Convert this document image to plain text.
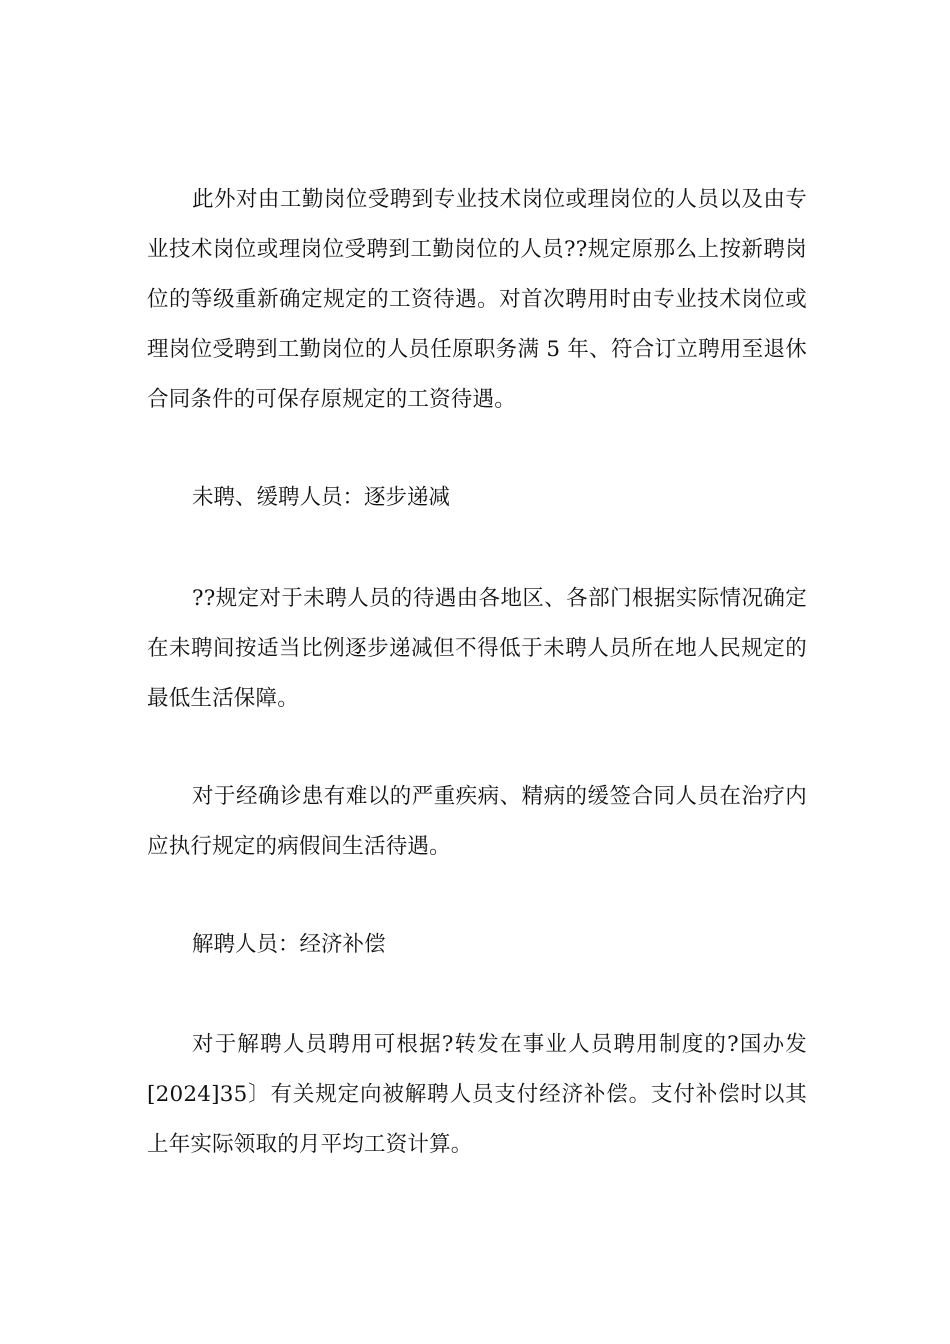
此外对由工勤岗位受聘到专业技术岗位或理岗位的人员以及由专业技术岗位或理岗位受聘到工勤岗位的人员??规定原那么上按新聘岗位的等级重新确定规定的工资待遇。对首次聘用时由专业技术岗位或理岗位受聘到工勤岗位的人员任原职务满 5 年、符合订立聘用至退休合同条件的可保存原规定的工资待遇。

未聘、缓聘人员：逐步递减

??规定对于未聘人员的待遇由各地区、各部门根据实际情况确定在未聘间按适当比例逐步递减但不得低于未聘人员所在地人民规定的最低生活保障。

对于经确诊患有难以的严重疾病、精病的缓签合同人员在治疗内应执行规定的病假间生活待遇。

解聘人员：经济补偿

对于解聘人员聘用可根据?转发在事业人员聘用制度的?国办发[2024]35〕有关规定向被解聘人员支付经济补偿。支付补偿时以其上年实际领取的月平均工资计算。
